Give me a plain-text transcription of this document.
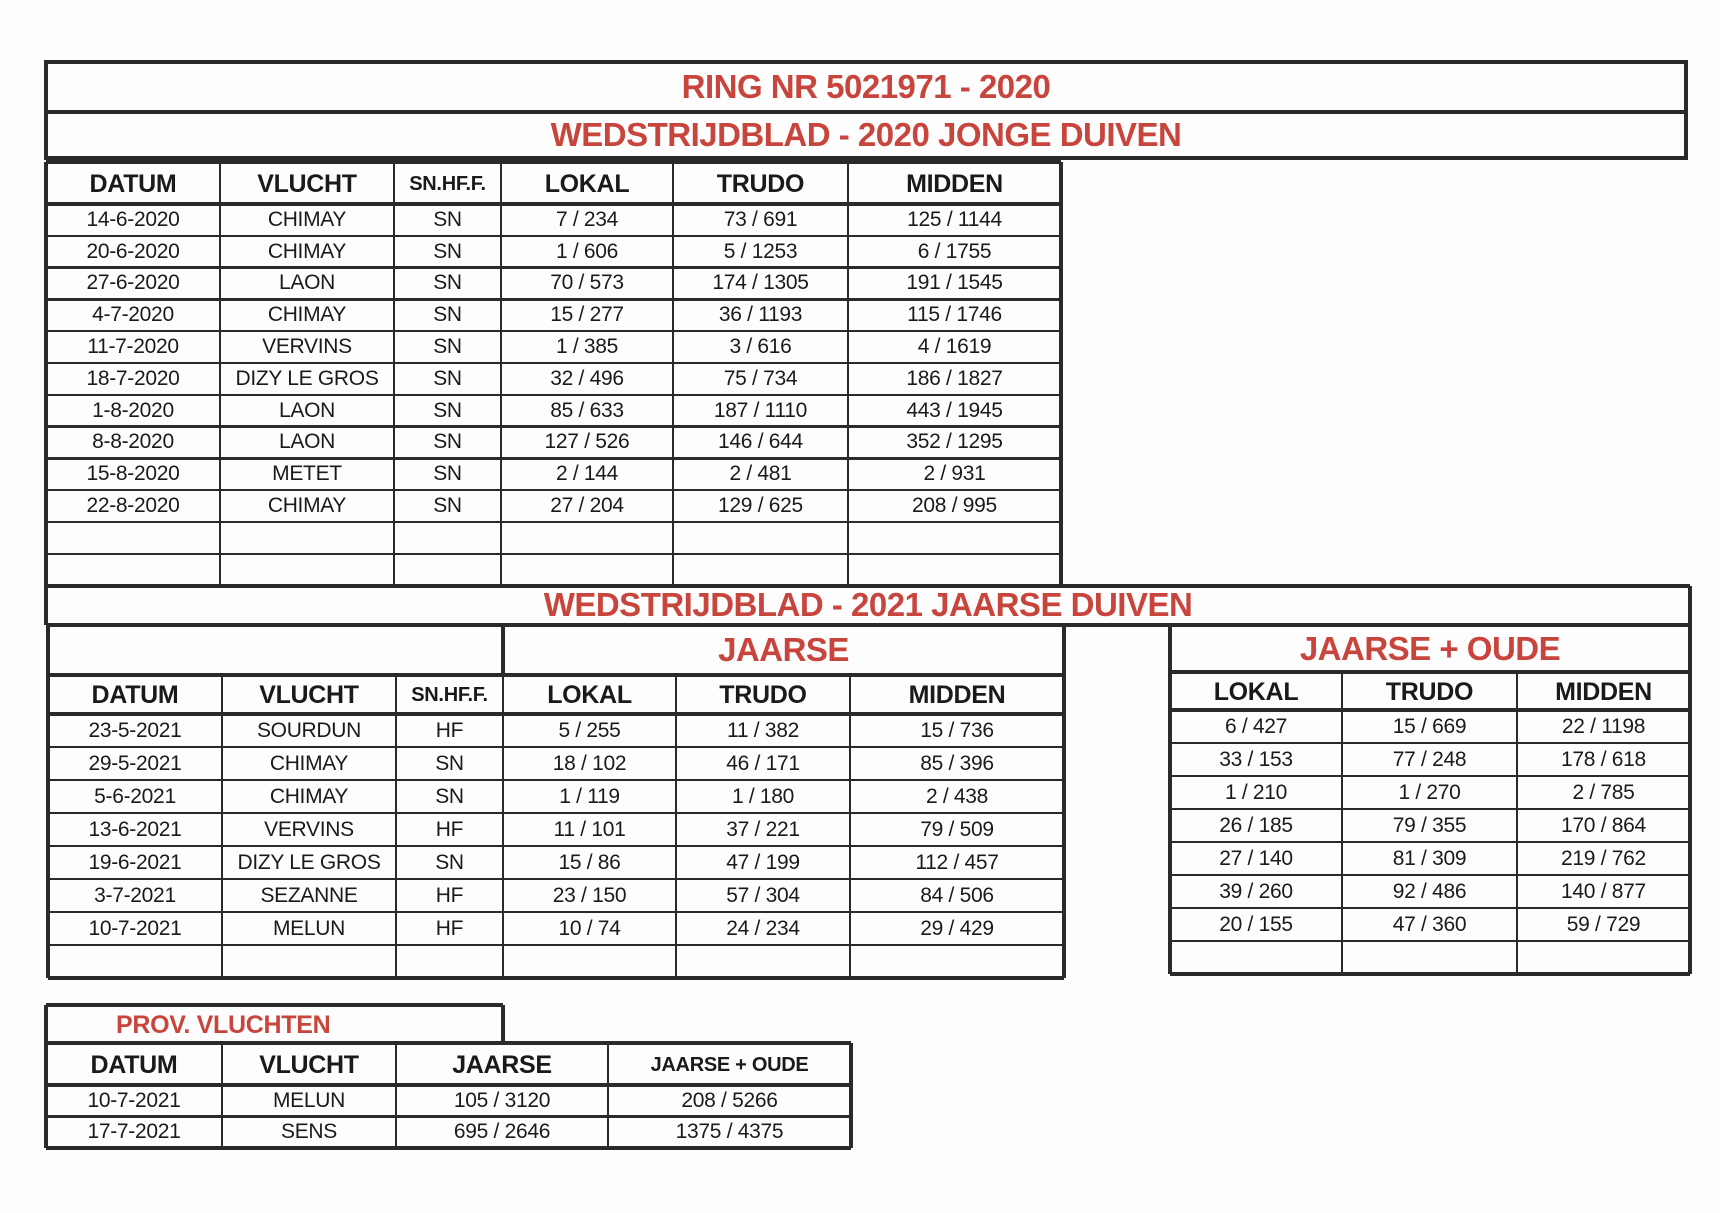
RING NR 5021971 - 2020
WEDSTRIJDBLAD - 2020 JONGE DUIVEN
DATUM	VLUCHT	SN.HF.F.	LOKAL	TRUDO	MIDDEN
14-6-2020	CHIMAY	SN	7 / 234	73 / 691	125 / 1144
20-6-2020	CHIMAY	SN	1 / 606	5 / 1253	6 / 1755
27-6-2020	LAON	SN	70 / 573	174 / 1305	191 / 1545
4-7-2020	CHIMAY	SN	15 / 277	36 / 1193	115 / 1746
11-7-2020	VERVINS	SN	1 / 385	3 / 616	4 / 1619
18-7-2020	DIZY LE GROS	SN	32 / 496	75 / 734	186 / 1827
1-8-2020	LAON	SN	85 / 633	187 / 1110	443 / 1945
8-8-2020	LAON	SN	127 / 526	146 / 644	352 / 1295
15-8-2020	METET	SN	2 / 144	2 / 481	2 / 931
22-8-2020	CHIMAY	SN	27 / 204	129 / 625	208 / 995
WEDSTRIJDBLAD - 2021 JAARSE DUIVEN
JAARSE
DATUM	VLUCHT	SN.HF.F.	LOKAL	TRUDO	MIDDEN
23-5-2021	SOURDUN	HF	5 / 255	11 / 382	15 / 736
29-5-2021	CHIMAY	SN	18 / 102	46 / 171	85 / 396
5-6-2021	CHIMAY	SN	1 / 119	1 / 180	2 / 438
13-6-2021	VERVINS	HF	11 / 101	37 / 221	79 / 509
19-6-2021	DIZY LE GROS	SN	15 / 86	47 / 199	112 / 457
3-7-2021	SEZANNE	HF	23 / 150	57 / 304	84 / 506
10-7-2021	MELUN	HF	10 / 74	24 / 234	29 / 429
JAARSE + OUDE
LOKAL	TRUDO	MIDDEN
6 / 427	15 / 669	22 / 1198
33 / 153	77 / 248	178 / 618
1 / 210	1 / 270	2 / 785
26 / 185	79 / 355	170 / 864
27 / 140	81 / 309	219 / 762
39 / 260	92 / 486	140 / 877
20 / 155	47 / 360	59 / 729
PROV. VLUCHTEN
DATUM	VLUCHT	JAARSE	JAARSE + OUDE
10-7-2021	MELUN	105 / 3120	208 / 5266
17-7-2021	SENS	695 / 2646	1375 / 4375
